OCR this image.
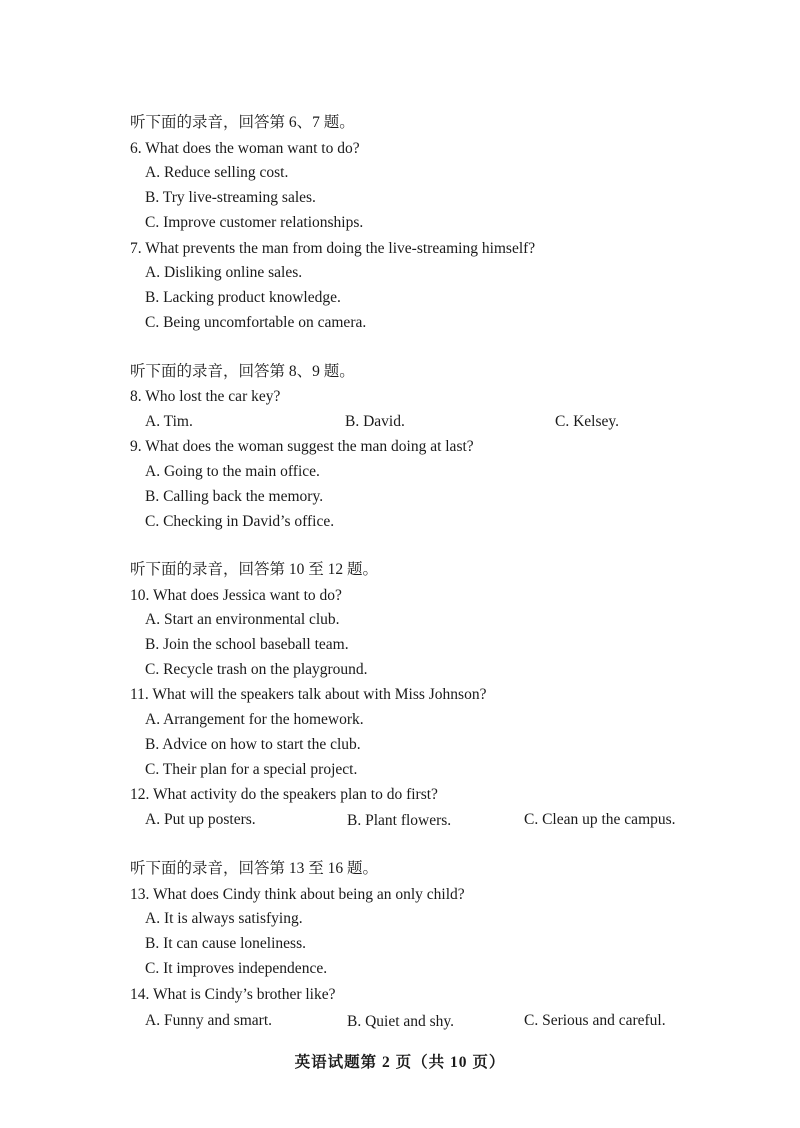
听下面的录音，回答第 6、7 题。
6. What does the woman want to do?
A. Reduce selling cost.
B. Try live-streaming sales.
C. Improve customer relationships.
7. What prevents the man from doing the live-streaming himself?
A. Disliking online sales.
B. Lacking product knowledge.
C. Being uncomfortable on camera.
听下面的录音，回答第 8、9 题。
8. Who lost the car key?
A. Tim.	B. David.	C. Kelsey.
9. What does the woman suggest the man doing at last?
A. Going to the main office.
B. Calling back the memory.
C. Checking in David’s office.
听下面的录音，回答第 10 至 12 题。
10. What does Jessica want to do?
A. Start an environmental club.
B. Join the school baseball team.
C. Recycle trash on the playground.
11. What will the speakers talk about with Miss Johnson?
A. Arrangement for the homework.
B. Advice on how to start the club.
C. Their plan for a special project.
12. What activity do the speakers plan to do first?
A. Put up posters.	B. Plant flowers.	C. Clean up the campus.
听下面的录音，回答第 13 至 16 题。
13. What does Cindy think about being an only child?
A. It is always satisfying.
B. It can cause loneliness.
C. It improves independence.
14. What is Cindy’s brother like?
A. Funny and smart.	B. Quiet and shy.	C. Serious and careful.
英语试题第 2 页（共 10 页）
